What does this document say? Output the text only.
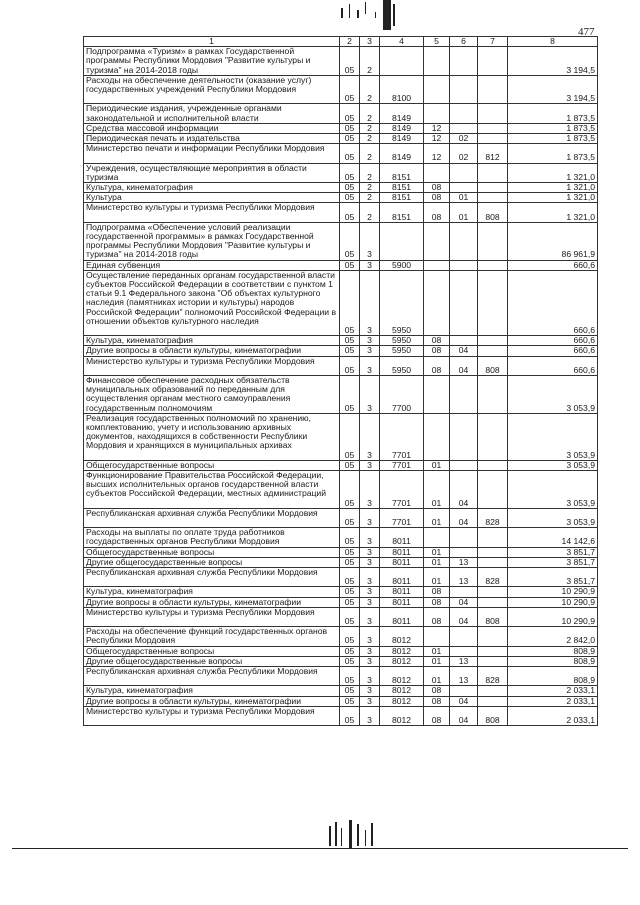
477
1	2	3	4	5	6	7	8
Подпрограмма «Туризм» в рамках Государственной программы Республики Мордовия "Развитие культуры и туризма" на 2014-2018 годы	05	2					3 194,5
Расходы на обеспечение деятельности (оказание услуг) государственных учреждений Республики Мордовия	05	2	8100				3 194,5
Периодические издания, учрежденные органами законодательной и исполнительной власти	05	2	8149				1 873,5
Средства массовой информации	05	2	8149	12			1 873,5
Периодическая печать и издательства	05	2	8149	12	02		1 873,5
Министерство печати и информации Республики Мордовия	05	2	8149	12	02	812	1 873,5
Учреждения, осуществляющие мероприятия в области туризма	05	2	8151				1 321,0
Культура, кинематография	05	2	8151	08			1 321,0
Культура	05	2	8151	08	01		1 321,0
Министерство культуры и туризма Республики Мордовия	05	2	8151	08	01	808	1 321,0
Подпрограмма «Обеспечение условий реализации государственной программы» в рамках Государственной программы Республики Мордовия "Развитие культуры и туризма" на 2014-2018 годы	05	3					86 961,9
Единая субвенция	05	3	5900				660,6
Осуществление переданных органам государственной власти субъектов Российской Федерации в соответствии с пунктом 1 статьи 9.1 Федерального закона "Об объектах культурного наследия (памятниках истории и культуры) народов Российской Федерации" полномочий Российской Федерации в отношении объектов культурного наследия	05	3	5950				660,6
Культура, кинематография	05	3	5950	08			660,6
Другие вопросы в области культуры, кинематографии	05	3	5950	08	04		660,6
Министерство культуры и туризма Республики Мордовия	05	3	5950	08	04	808	660,6
Финансовое обеспечение расходных обязательств муниципальных образований по переданным для осуществления органам местного самоуправления государственным полномочиям	05	3	7700				3 053,9
Реализация государственных полномочий по хранению, комплектованию, учету и использованию архивных документов, находящихся в собственности Республики Мордовия и хранящихся в муниципальных архивах	05	3	7701				3 053,9
Общегосударственные вопросы	05	3	7701	01			3 053,9
Функционирование Правительства Российской Федерации, высших исполнительных органов государственной власти субъектов Российской Федерации, местных администраций	05	3	7701	01	04		3 053,9
Республиканская архивная служба Республики Мордовия	05	3	7701	01	04	828	3 053,9
Расходы на выплаты по оплате труда работников государственных органов Республики Мордовия	05	3	8011				14 142,6
Общегосударственные вопросы	05	3	8011	01			3 851,7
Другие общегосударственные вопросы	05	3	8011	01	13		3 851,7
Республиканская архивная служба Республики Мордовия	05	3	8011	01	13	828	3 851,7
Культура, кинематография	05	3	8011	08			10 290,9
Другие вопросы в области культуры, кинематографии	05	3	8011	08	04		10 290,9
Министерство культуры и туризма Республики Мордовия	05	3	8011	08	04	808	10 290,9
Расходы на обеспечение функций государственных органов Республики Мордовия	05	3	8012				2 842,0
Общегосударственные вопросы	05	3	8012	01			808,9
Другие общегосударственные вопросы	05	3	8012	01	13		808,9
Республиканская архивная служба Республики Мордовия	05	3	8012	01	13	828	808,9
Культура, кинематография	05	3	8012	08			2 033,1
Другие вопросы в области культуры, кинематографии	05	3	8012	08	04		2 033,1
Министерство культуры и туризма Республики Мордовия	05	3	8012	08	04	808	2 033,1
